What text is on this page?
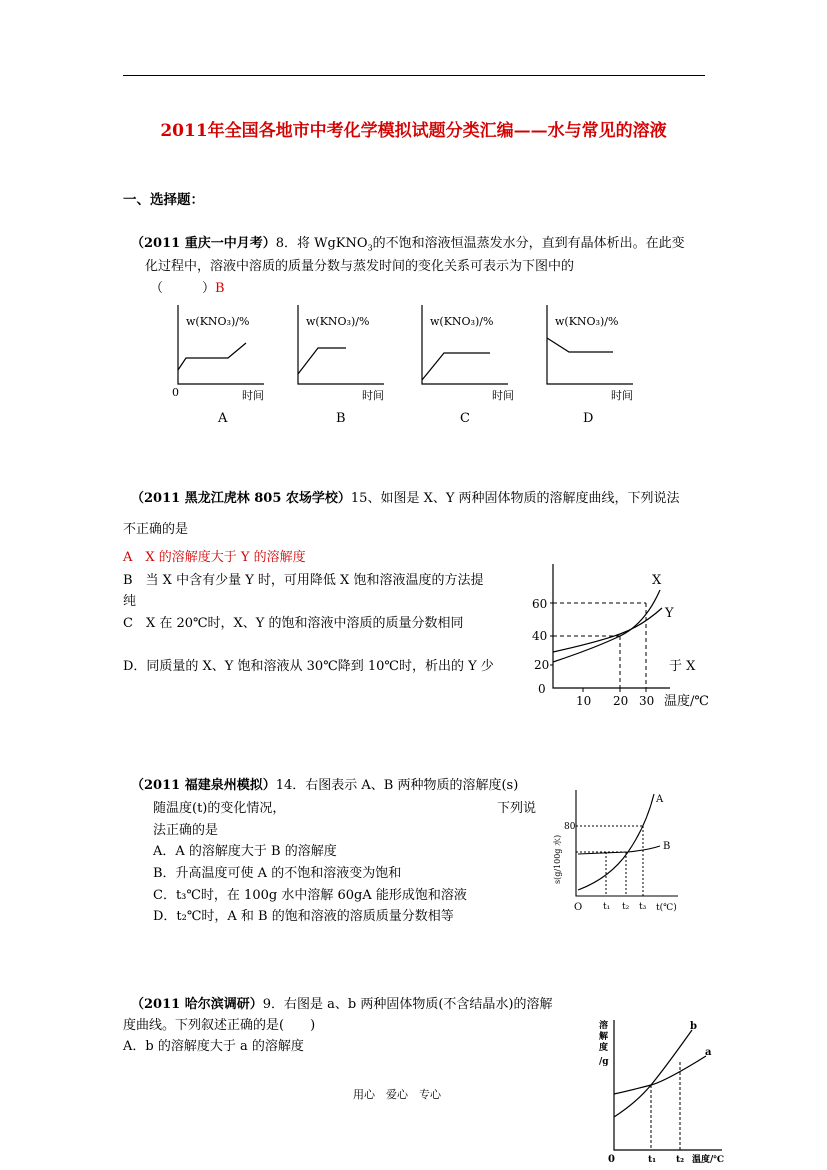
2011年全国各地市中考化学模拟试题分类汇编——水与常见的溶液
一、选择题：
（2011 重庆一中月考）8．将 WgKNO$_3$的不饱和溶液恒温蒸发水分，直到有晶体析出。在此变
化过程中，溶液中溶质的质量分数与蒸发时间的变化关系可表示为下图中的
（　　　）B
w(KNO₃)/%
0	时间
A
w(KNO₃)/%
时间
B
w(KNO₃)/%
时间
C
w(KNO₃)/%
时间
D
（2011 黑龙江虎林 805 农场学校）15、如图是 X、Y 两种固体物质的溶解度曲线，下列说法
不正确的是
A　X 的溶解度大于 Y 的溶解度
B　当 X 中含有少量 Y 时，可用降低 X 饱和溶液温度的方法提
纯
C　X 在 20℃时，X、Y 的饱和溶液中溶质的质量分数相同
D．同质量的 X、Y 饱和溶液从 30℃降到 10℃时，析出的 Y 少	于 X
X
Y
60
40
20
0
10 20 30 温度/℃
（2011 福建泉州模拟）14．右图表示 A、B 两种物质的溶解度(s)
随温度(t)的变化情况，	下列说
法正确的是
A．A 的溶解度大于 B 的溶解度
B．升高温度可使 A 的不饱和溶液变为饱和
C．t₃℃时，在 100g 水中溶解 60gA 能形成饱和溶液
D．t₂℃时，A 和 B 的饱和溶液的溶质质量分数相等
A
B
80
O t₁ t₂ t₃ t(℃)
s(g/100g 水)
（2011 哈尔滨调研）9．右图是 a、b 两种固体物质(不含结晶水)的溶解
度曲线。下列叙述正确的是(　　)
A．b 的溶解度大于 a 的溶解度
b
a
溶
解
度
/g
0	t₁ t₂ 温度/℃
用心　爱心　专心
